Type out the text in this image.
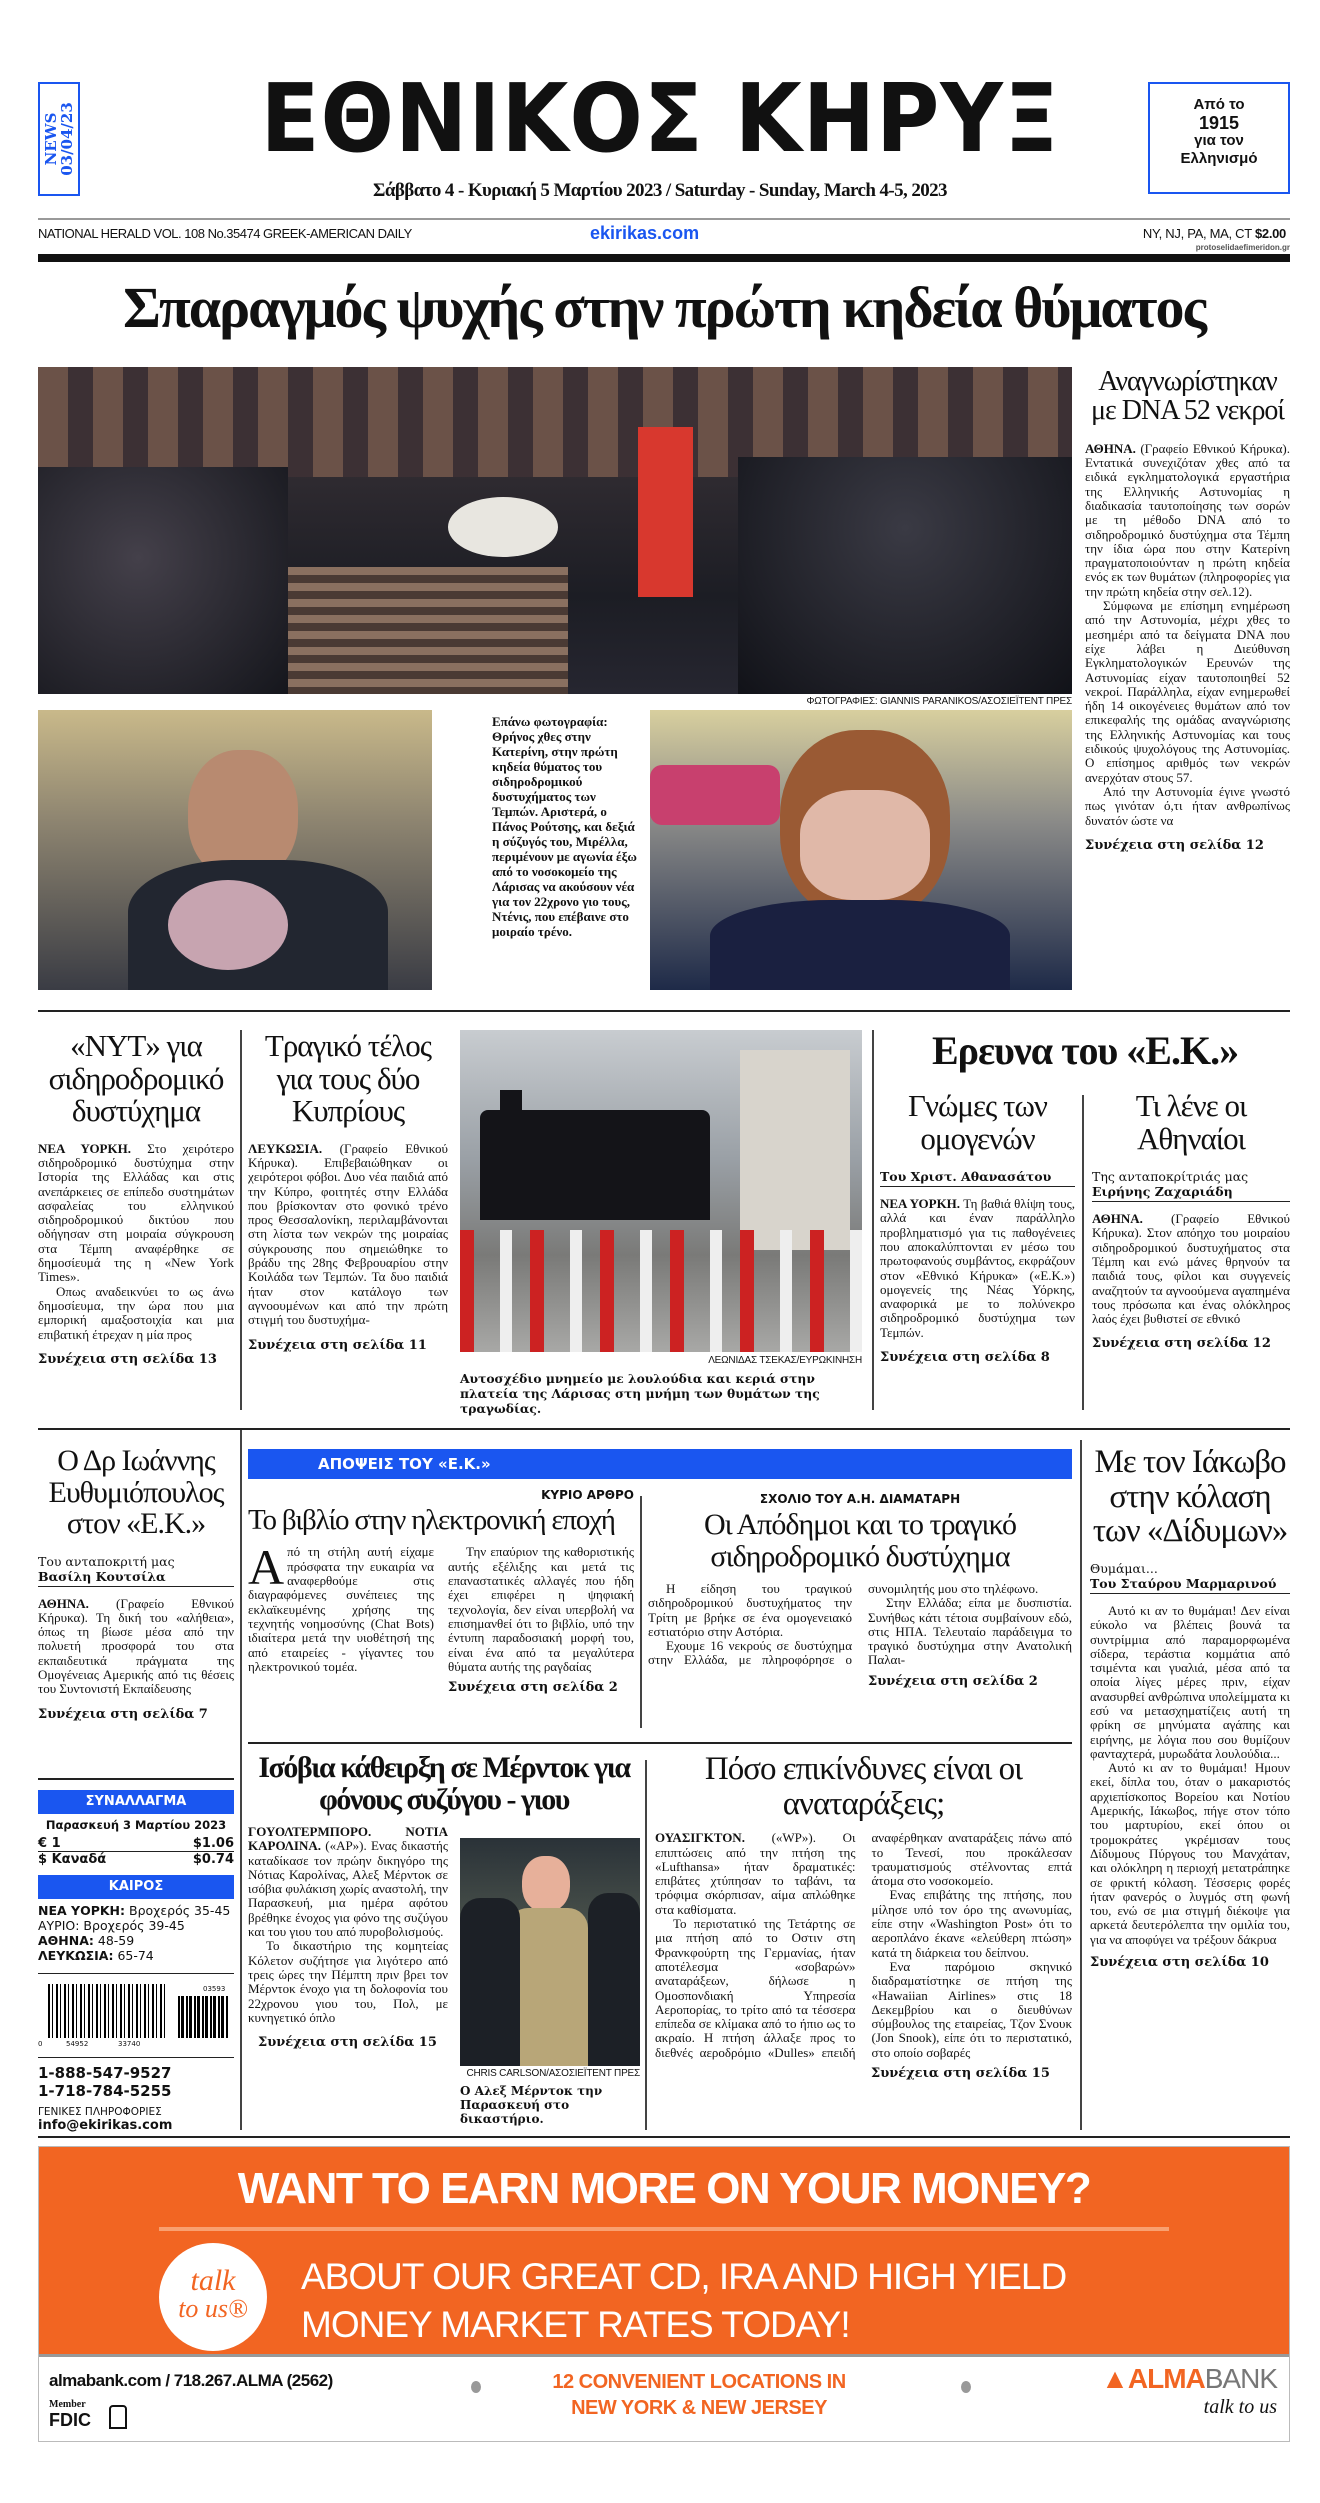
NEWS
03/04/23	ΕΘΝΙΚΟΣ ΚΗΡΥΞ
Σάββατο 4 - Κυριακή 5 Μαρτίου 2023 / Saturday - Sunday, March 4-5, 2023
Από το
1915
για τον
Ελληνισμό
NATIONAL HERALD VOL. 108 No.35474 GREEK-AMERICAN DAILY	ekirikas.com	NY, NJ, PA, MA, CT $2.00
protoselidaefimeridon.gr
Σπαραγμός ψυχής στην πρώτη κηδεία θύματος
ΦΩΤΟΓΡΑΦΙΕΣ: GIANNIS PARANIKOS/ΑΣΟΣΙΕΪΤΕΝΤ ΠΡΕΣ
Επάνω φωτογραφία: Θρήνος χθες στην Κατερίνη, στην πρώτη κηδεία θύματος του σιδηροδρομικού δυστυχήματος των Τεμπών. Αριστερά, ο Πάνος Ρούτσης, και δεξιά η σύζυγός του, Μιρέλλα, περιμένουν με αγωνία έξω από το νοσοκομείο της Λάρισας να ακούσουν νέα για τον 22χρονο γιο τους, Ντένις, που επέβαινε στο μοιραίο τρένο.
Αναγνωρίστηκαν με DNA 52 νεκροί

ΑΘΗΝΑ. (Γραφείο Εθνικού Κήρυκα). Εντατικά συνεχιζόταν χθες από τα ειδικά εγκληματολογικά εργαστήρια της Ελληνικής Αστυνομίας η διαδικασία ταυτοποίησης των σορών με τη μέθοδο DNA από το σιδηροδρομικό δυστύχημα στα Τέμπη την ίδια ώρα που στην Κατερίνη πραγματοποιούνταν η πρώτη κηδεία ενός εκ των θυμάτων (πληροφορίες για την πρώτη κηδεία στην σελ.12).

Σύμφωνα με επίσημη ενημέρωση από την Αστυνομία, μέχρι χθες το μεσημέρι από τα δείγματα DNA που είχε λάβει η Διεύθυνση Εγκληματολογικών Ερευνών της Αστυνομίας είχαν ταυτοποιηθεί 52 νεκροί. Παράλληλα, είχαν ενημερωθεί ήδη 14 οικογένειες θυμάτων από τον επικεφαλής της ομάδας αναγνώρισης της Ελληνικής Αστυνομίας και τους ειδικούς ψυχολόγους της Αστυνομίας. Ο επίσημος αριθμός των νεκρών ανερχόταν στους 57.

Από την Αστυνομία έγινε γνωστό πως γινόταν ό,τι ήταν ανθρωπίνως δυνατόν ώστε να

Συνέχεια στη σελίδα 12
«NYT» για σιδηροδρομικό δυστύχημα

ΝΕΑ ΥΟΡΚΗ. Στο χειρότερο σιδηροδρομικό δυστύχημα στην Ιστορία της Ελλάδας και στις ανεπάρκειες σε επίπεδο συστημάτων ασφαλείας του ελληνικού σιδηροδρομικού δικτύου που οδήγησαν στη μοιραία σύγκρουση στα Τέμπη αναφέρθηκε σε δημοσίευμά της η «New York Times».

Οπως αναδεικνύει το ως άνω δημοσίευμα, την ώρα που μια εμπορική αμαξοστοιχία και μια επιβατική έτρεχαν η μία προς

Συνέχεια στη σελίδα 13
Τραγικό τέλος για τους δύο Κυπρίους

ΛΕΥΚΩΣΙΑ. (Γραφείο Εθνικού Κήρυκα). Επιβεβαιώθηκαν οι χειρότεροι φόβοι. Δυο νέα παιδιά από την Κύπρο, φοιτητές στην Ελλάδα που βρίσκονταν στο φονικό τρένο προς Θεσσαλονίκη, περιλαμβάνονται στη λίστα των νεκρών της μοιραίας σύγκρουσης που σημειώθηκε το βράδυ της 28ης Φεβρουαρίου στην Κοιλάδα των Τεμπών. Τα δυο παιδιά ήταν στον κατάλογο των αγνοουμένων και από την πρώτη στιγμή του δυστυχήμα-

Συνέχεια στη σελίδα 11
ΛΕΩΝΙΔΑΣ ΤΣΕΚΑΣ/ΕΥΡΩΚΙΝΗΣΗ
Αυτοσχέδιο μνημείο με λουλούδια και κεριά στην πλατεία της Λάρισας στη μνήμη των θυμάτων της τραγωδίας.
Ερευνα του «Ε.Κ.»
Γνώμες των ομογενών
Του Χριστ. Αθανασάτου

ΝΕΑ ΥΟΡΚΗ. Τη βαθιά θλίψη τους, αλλά και έναν παράλληλο προβληματισμό για τις παθογένειες που αποκαλύπτονται εν μέσω του πρωτοφανούς συμβάντος, εκφράζουν στον «Εθνικό Κήρυκα» («Ε.Κ.») ομογενείς της Νέας Υόρκης, αναφορικά με το πολύνεκρο σιδηροδρομικό δυστύχημα των Τεμπών.

Συνέχεια στη σελίδα 8
Τι λένε οι Αθηναίοι
Της ανταποκρίτριάς μας
Ειρήνης Ζαχαριάδη

ΑΘΗΝΑ. (Γραφείο Εθνικού Κήρυκα). Στον απόηχο του μοιραίου σιδηροδρομικού δυστυχήματος στα Τέμπη και ενώ μάνες θρηνούν τα παιδιά τους, φίλοι και συγγενείς αναζητούν τα αγνοούμενα αγαπημένα τους πρόσωπα και ένας ολόκληρος λαός έχει βυθιστεί σε εθνικό

Συνέχεια στη σελίδα 12
Ο Δρ Ιωάννης Ευθυμιόπουλος στον «Ε.Κ.»
Του ανταποκριτή μας
Βασίλη Κουτσίλα

ΑΘΗΝΑ. (Γραφείο Εθνικού Κήρυκα). Τη δική του «αλήθεια», όπως τη βίωσε μέσα από την πολυετή προσφορά του στα εκπαιδευτικά πράγματα της Ομογένειας Αμερικής από τις θέσεις του Συντονιστή Εκπαίδευσης

Συνέχεια στη σελίδα 7
ΑΠΟΨΕΙΣ ΤΟΥ «Ε.Κ.»
ΚΥΡΙΟ ΑΡΘΡΟ
Το βιβλίο στην ηλεκτρονική εποχή

Από τη στήλη αυτή είχαμε πρόσφατα την ευκαιρία να αναφερθούμε στις διαγραφόμενες συνέπειες της εκλαϊκευμένης χρήσης της τεχνητής νοημοσύνης (Chat Bots) ιδιαίτερα μετά την υιοθέτησή της από εταιρείες - γίγαντες του ηλεκτρονικού τομέα.

Την επαύριον της καθοριστικής αυτής εξέλιξης και μετά τις επαναστατικές αλλαγές που ήδη έχει επιφέρει η ψηφιακή τεχνολογία, δεν είναι υπερβολή να επισημανθεί ότι το βιβλίο, υπό την έντυπη παραδοσιακή μορφή του, είναι ένα από τα μεγαλύτερα θύματα αυτής της ραγδαίας

Συνέχεια στη σελίδα 2
ΣΧΟΛΙΟ ΤΟΥ Α.Η. ΔΙΑΜΑΤΑΡΗ
Οι Απόδημοι και το τραγικό σιδηροδρομικό δυστύχημα

Η είδηση του τραγικού σιδηροδρομικού δυστυχήματος την Τρίτη με βρήκε σε ένα ομογενειακό εστιατόριο στην Αστόρια.

Εχουμε 16 νεκρούς σε δυστύχημα στην Ελλάδα, με πληροφόρησε ο συνομιλητής μου στο τηλέφωνο.

Στην Ελλάδα; είπα με δυσπιστία. Συνήθως κάτι τέτοια συμβαίνουν εδώ, στις ΗΠΑ. Τελευταίο παράδειγμα το τραγικό δυστύχημα στην Ανατολική Παλαι-

Συνέχεια στη σελίδα 2
Με τον Ιάκωβο στην κόλαση των «Δίδυμων»
Θυμάμαι...
Του Σταύρου Μαρμαρινού

Αυτό κι αν το θυμάμαι! Δεν είναι εύκολο να βλέπεις βουνά τα συντρίμμια από παραμορφωμένα σίδερα, τεράστια κομμάτια από τσιμέντα και γυαλιά, μέσα από τα οποία λίγες μέρες πριν, είχαν ανασυρθεί ανθρώπινα υπολείμματα κι εσύ να μετασχηματίζεις αυτή τη φρίκη σε μηνύματα αγάπης και ειρήνης, με λόγια που σου θυμίζουν φανταχτερά, μυρωδάτα λουλούδια...

Αυτό κι αν το θυμάμαι! Ημουν εκεί, δίπλα του, όταν ο μακαριστός αρχιεπίσκοπος Βορείου και Νοτίου Αμερικής, Ιάκωβος, πήγε στον τόπο του μαρτυρίου, εκεί όπου οι τρομοκράτες γκρέμισαν τους Δίδυμους Πύργους του Μανχάταν, και ολόκληρη η περιοχή μετατράπηκε σε φρικτή κόλαση. Τέσσερις φορές ήταν φανερός ο λυγμός στη φωνή του, ενώ σε μια στιγμή διέκοψε για αρκετά δευτερόλεπτα την ομιλία του, για να αποφύγει να τρέξουν δάκρυα

Συνέχεια στη σελίδα 10
ΣΥΝΑΛΛΑΓΜΑ
Παρασκευή 3 Μαρτίου 2023
€ 1	$1.06
$ Καναδά	$0.74
ΚΑΙΡΟΣ
ΝΕΑ ΥΟΡΚΗ: Βροχερός 35-45
ΑΥΡΙΟ: Βροχερός 39-45
ΑΘΗΝΑ: 48-59
ΛΕΥΚΩΣΙΑ: 65-74
0	54952	33740
03593
1-888-547-9527
1-718-784-5255
ΓΕΝΙΚΕΣ ΠΛΗΡΟΦΟΡΙΕΣ
info@ekirikas.com
Ισόβια κάθειρξη σε Μέρντοκ για φόνους συζύγου - γιου

ΓΟΥΟΛΤΕΡΜΠΟΡΟ. ΝΟΤΙΑ ΚΑΡΟΛΙΝΑ. («AP»). Ενας δικαστής καταδίκασε τον πρώην δικηγόρο της Νότιας Καρολίνας, Αλεξ Μέρντοκ σε ισόβια φυλάκιση χωρίς αναστολή, την Παρασκευή, μια ημέρα αφότου βρέθηκε ένοχος για φόνο της συζύγου και του γιου του από πυροβολισμούς.

Το δικαστήριο της κομητείας Κόλετον συζήτησε για λιγότερο από τρεις ώρες την Πέμπτη πριν βρει τον Μέρντοκ ένοχο για τη δολοφονία του 22χρονου γιου του, Πολ, με κυνηγετικό όπλο

Συνέχεια στη σελίδα 15
CHRIS CARLSON/ΑΣΟΣΙΕΪΤΕΝΤ ΠΡΕΣ
Ο Αλεξ Μέρντοκ την Παρασκευή στο δικαστήριο.
Πόσο επικίνδυνες είναι οι αναταράξεις;

ΟΥΑΣΙΓΚΤΟΝ. («WP»). Οι επιπτώσεις από την πτήση της «Lufthansa» ήταν δραματικές: επιβάτες χτύπησαν το ταβάνι, τα τρόφιμα σκόρπισαν, αίμα απλώθηκε στα καθίσματα.

Το περιστατικό της Τετάρτης σε μια πτήση από το Οστιν στη Φρανκφούρτη της Γερμανίας, ήταν αποτέλεσμα «σοβαρών» αναταράξεων, δήλωσε η Ομοσπονδιακή Υπηρεσία Αεροπορίας, το τρίτο από τα τέσσερα επίπεδα σε κλίμακα από το ήπιο ως το ακραίο. Η πτήση άλλαξε προς το διεθνές αεροδρόμιο «Dulles» επειδή αναφέρθηκαν αναταράξεις πάνω από το Τενεσί, που προκάλεσαν τραυματισμούς στέλνοντας επτά άτομα στο νοσοκομείο.

Ενας επιβάτης της πτήσης, που μίλησε υπό τον όρο της ανωνυμίας, είπε στην «Washington Post» ότι το αεροπλάνο έκανε «ελεύθερη πτώση» κατά τη διάρκεια του δείπνου.

Ενα παρόμοιο σκηνικό διαδραματίστηκε σε πτήση της «Hawaiian Airlines» στις 18 Δεκεμβρίου και ο διευθύνων σύμβουλος της εταιρείας, Τζον Σνουκ (Jon Snook), είπε ότι το περιστατικό, στο οποίο σοβαρές

Συνέχεια στη σελίδα 15
WANT TO EARN MORE ON YOUR MONEY?
talk
to us®
ABOUT OUR GREAT CD, IRA AND HIGH YIELD
MONEY MARKET RATES TODAY!
almabank.com / 718.267.ALMA (2562)
Member
FDIC
12 CONVENIENT LOCATIONS IN
NEW YORK & NEW JERSEY
▲ALMABANK
talk to us
